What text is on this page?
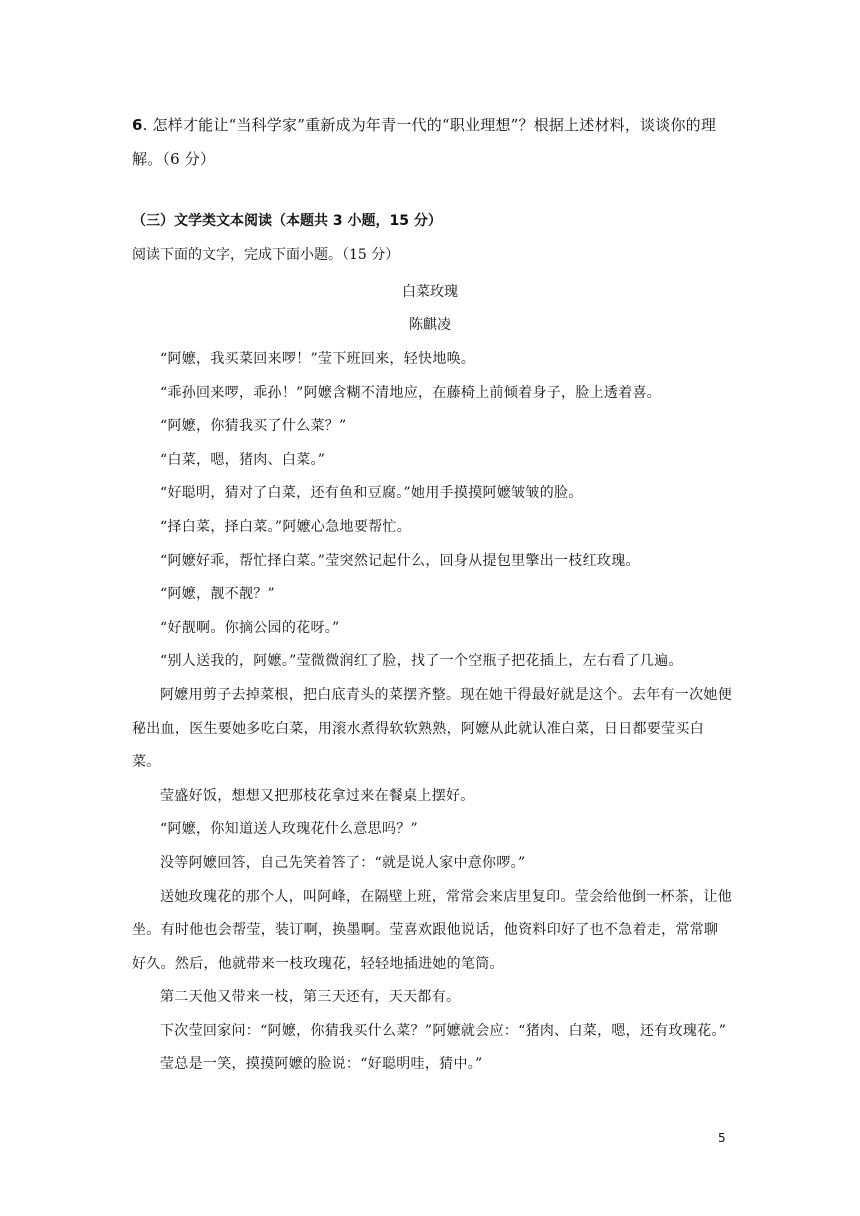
6. 怎样才能让“当科学家”重新成为年青一代的“职业理想”？根据上述材料，谈谈你的理解。（6 分）
（三）文学类文本阅读（本题共 3 小题，15 分）
阅读下面的文字，完成下面小题。（15 分）
白菜玫瑰
陈麒凌

“阿嬷，我买菜回来啰！”莹下班回来，轻快地唤。

“乖孙回来啰，乖孙！”阿嬷含糊不清地应，在藤椅上前倾着身子，脸上透着喜。

“阿嬷，你猜我买了什么菜？”

“白菜，嗯，猪肉、白菜。”

“好聪明，猜对了白菜，还有鱼和豆腐。”她用手摸摸阿嬷皱皱的脸。

“择白菜，择白菜。”阿嬷心急地要帮忙。

“阿嬷好乖，帮忙择白菜。”莹突然记起什么，回身从提包里擎出一枝红玫瑰。

“阿嬷，靓不靓？”

“好靓啊。你摘公园的花呀。”

“别人送我的，阿嬷。”莹微微润红了脸，找了一个空瓶子把花插上，左右看了几遍。

阿嬷用剪子去掉菜根，把白底青头的菜摆齐整。现在她干得最好就是这个。去年有一次她便秘出血，医生要她多吃白菜，用滚水煮得软软熟熟，阿嬷从此就认准白菜，日日都要莹买白菜。

莹盛好饭，想想又把那枝花拿过来在餐桌上摆好。

“阿嬷，你知道送人玫瑰花什么意思吗？”

没等阿嬷回答，自己先笑着答了：“就是说人家中意你啰。”

送她玫瑰花的那个人，叫阿峰，在隔壁上班，常常会来店里复印。莹会给他倒一杯茶，让他坐。有时他也会帮莹，装订啊，换墨啊。莹喜欢跟他说话，他资料印好了也不急着走，常常聊好久。然后，他就带来一枝玫瑰花，轻轻地插进她的笔筒。

第二天他又带来一枝，第三天还有，天天都有。

下次莹回家问：“阿嬷，你猜我买什么菜？”阿嬷就会应：“猪肉、白菜，嗯，还有玫瑰花。”

莹总是一笑，摸摸阿嬷的脸说：“好聪明哇，猜中。”

5
